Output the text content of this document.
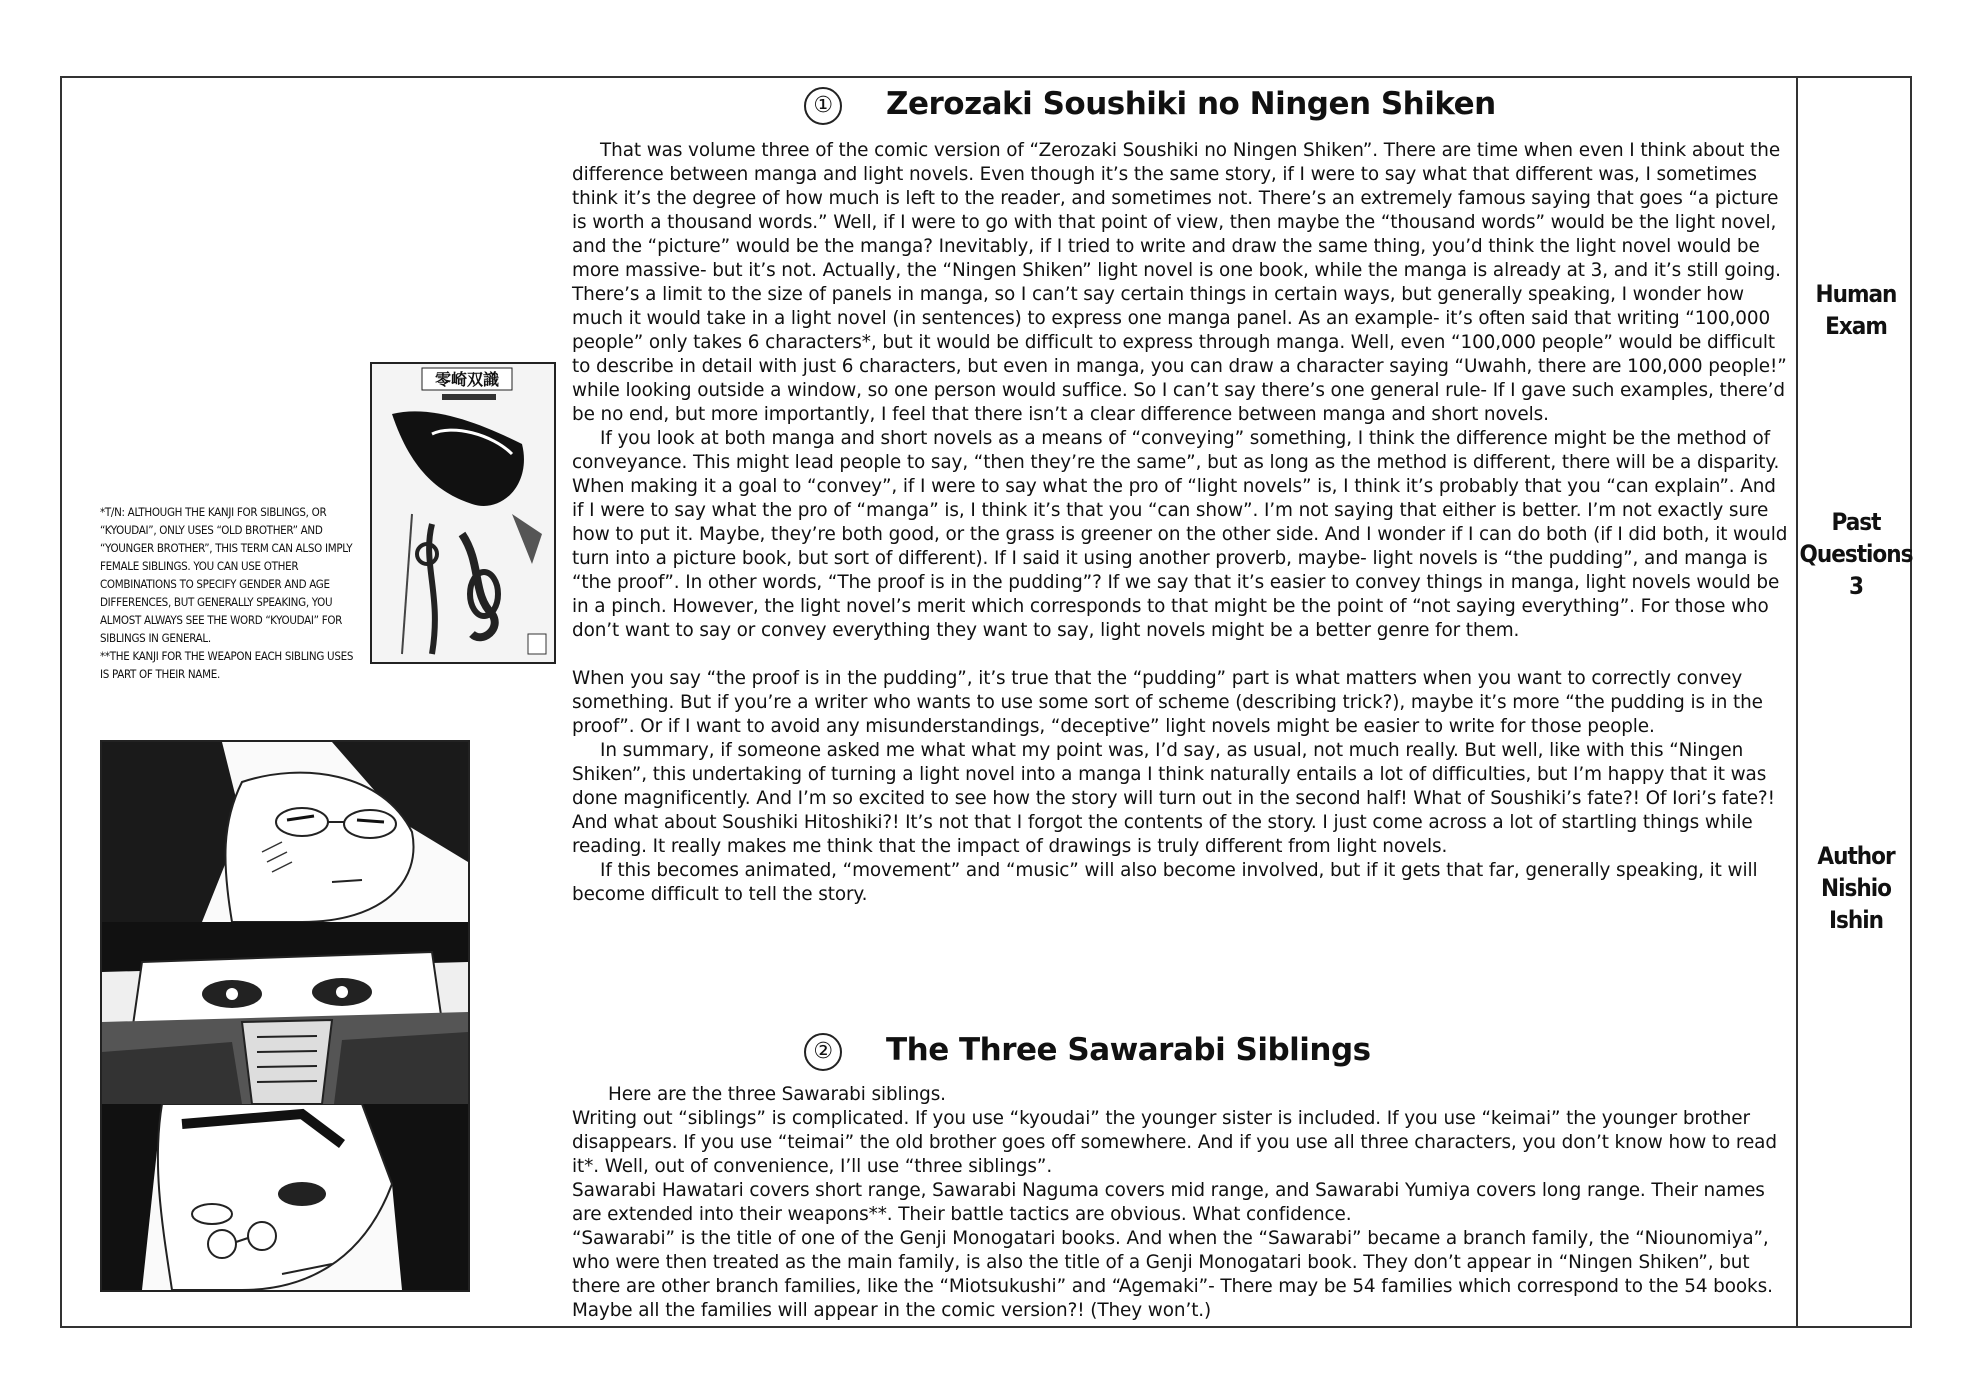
Human
Exam
Past
Questions
3
Author
Nishio
Ishin
① Zerozaki Soushiki no Ningen Shiken

That was volume three of the comic version of “Zerozaki Soushiki no Ningen Shiken”. There are time when even I think about the difference between manga and light novels. Even though it’s the same story, if I were to say what that different was, I sometimes think it’s the degree of how much is left to the reader, and sometimes not. There’s an extremely famous saying that goes “a picture is worth a thousand words.” Well, if I were to go with that point of view, then maybe the “thousand words” would be the light novel, and the “picture” would be the manga? Inevitably, if I tried to write and draw the same thing, you’d think the light novel would be more massive- but it’s not. Actually, the “Ningen Shiken” light novel is one book, while the manga is already at 3, and it’s still going. There’s a limit to the size of panels in manga, so I can’t say certain things in certain ways, but generally speaking, I wonder how much it would take in a light novel (in sentences) to express one manga panel. As an example- it’s often said that writing “100,000 people” only takes 6 characters*, but it would be difficult to express through manga. Well, even “100,000 people” would be difficult to describe in detail with just 6 characters, but even in manga, you can draw a character saying “Uwahh, there are 100,000 people!” while looking outside a window, so one person would suffice. So I can’t say there’s one general rule- If I gave such examples, there’d be no end, but more importantly, I feel that there isn’t a clear difference between manga and short novels.

If you look at both manga and short novels as a means of “conveying” something, I think the difference might be the method of conveyance. This might lead people to say, “then they’re the same”, but as long as the method is different, there will be a disparity. When making it a goal to “convey”, if I were to say what the pro of “light novels” is, I think it’s probably that you “can explain”. And if I were to say what the pro of “manga” is, I think it’s that you “can show”. I’m not saying that either is better. I’m not exactly sure how to put it. Maybe, they’re both good, or the grass is greener on the other side. And I wonder if I can do both (if I did both, it would turn into a picture book, but sort of different). If I said it using another proverb, maybe- light novels is “the pudding”, and manga is “the proof”. In other words, “The proof is in the pudding”? If we say that it’s easier to convey things in manga, light novels would be in a pinch. However, the light novel’s merit which corresponds to that might be the point of “not saying everything”. For those who don’t want to say or convey everything they want to say, light novels might be a better genre for them.

When you say “the proof is in the pudding”, it’s true that the “pudding” part is what matters when you want to correctly convey something. But if you’re a writer who wants to use some sort of scheme (describing trick?), maybe it’s more “the pudding is in the proof”. Or if I want to avoid any misunderstandings, “deceptive” light novels might be easier to write for those people.

In summary, if someone asked me what what my point was, I’d say, as usual, not much really. But well, like with this “Ningen Shiken”, this undertaking of turning a light novel into a manga I think naturally entails a lot of difficulties, but I’m happy that it was done magnificently. And I’m so excited to see how the story will turn out in the second half! What of Soushiki’s fate?! Of Iori’s fate?! And what about Soushiki Hitoshiki?! It’s not that I forgot the contents of the story. I just come across a lot of startling things while reading. It really makes me think that the impact of drawings is truly different from light novels.

If this becomes animated, “movement” and “music” will also become involved, but if it gets that far, generally speaking, it will become difficult to tell the story.

② The Three Sawarabi Siblings

Here are the three Sawarabi siblings.

Writing out “siblings” is complicated. If you use “kyoudai” the younger sister is included. If you use “keimai” the younger brother disappears. If you use “teimai” the old brother goes off somewhere. And if you use all three characters, you don’t know how to read it*. Well, out of convenience, I’ll use “three siblings”.

Sawarabi Hawatari covers short range, Sawarabi Naguma covers mid range, and Sawarabi Yumiya covers long range. Their names are extended into their weapons**. Their battle tactics are obvious. What confidence.

“Sawarabi” is the title of one of the Genji Monogatari books. And when the “Sawarabi” became a branch family, the “Niounomiya”, who were then treated as the main family, is also the title of a Genji Monogatari book. They don’t appear in “Ningen Shiken”, but there are other branch families, like the “Miotsukushi” and “Agemaki”- There may be 54 families which correspond to the 54 books. Maybe all the families will appear in the comic version?! (They won’t.)

*T/N: ALTHOUGH THE KANJI FOR SIBLINGS, OR “KYOUDAI”, ONLY USES “OLD BROTHER” AND “YOUNGER BROTHER”, THIS TERM CAN ALSO IMPLY FEMALE SIBLINGS. YOU CAN USE OTHER COMBINATIONS TO SPECIFY GENDER AND AGE DIFFERENCES, BUT GENERALLY SPEAKING, YOU ALMOST ALWAYS SEE THE WORD “KYOUDAI” FOR SIBLINGS IN GENERAL.

**THE KANJI FOR THE WEAPON EACH SIBLING USES IS PART OF THEIR NAME.

零崎双識
